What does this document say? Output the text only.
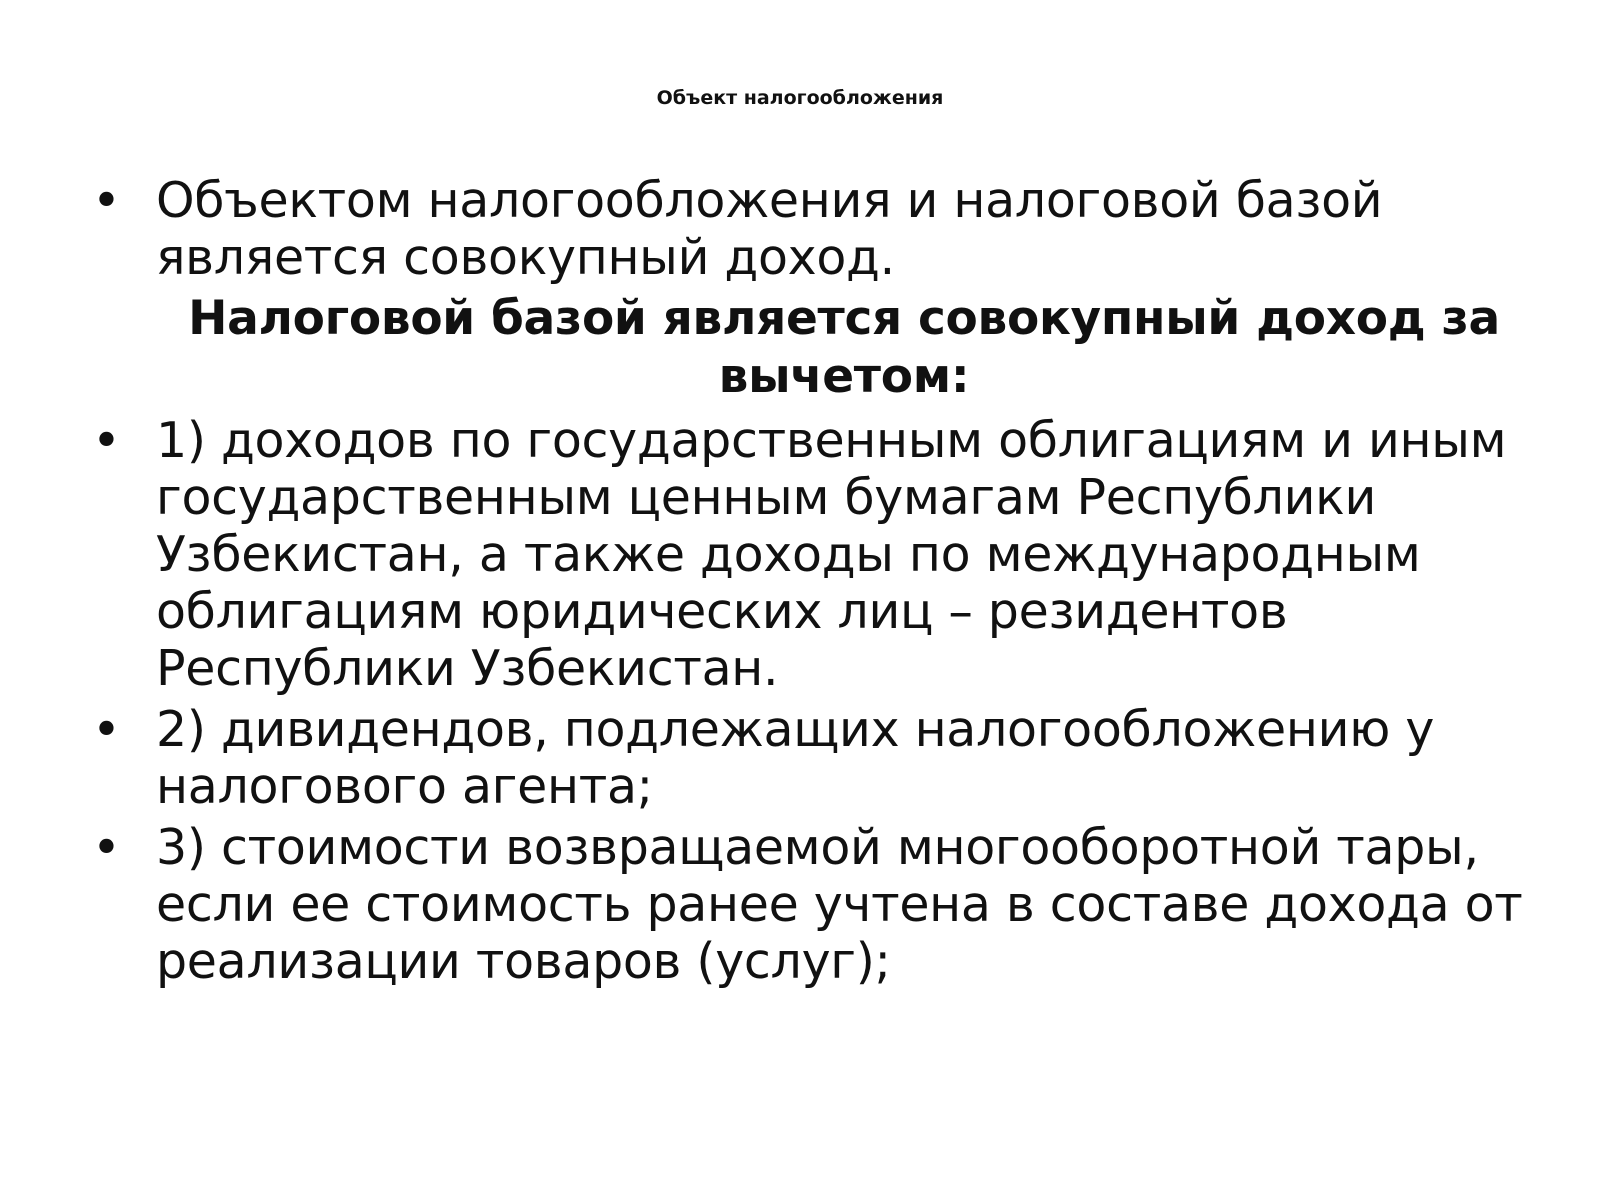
Объект налогообложения
• Объектом налогообложения и налоговой базой является совокупный доход.
Налоговой базой является совокупный доход за вычетом:
• 1) доходов по государственным облигациям и иным государственным ценным бумагам Республики Узбекистан, а также доходы по международным облигациям юридических лиц – резидентов Республики Узбекистан.
• 2) дивидендов, подлежащих налогообложению у налогового агента;
• 3) стоимости возвращаемой многооборотной тары, если ее стоимость ранее учтена в составе дохода от реализации товаров (услуг);
